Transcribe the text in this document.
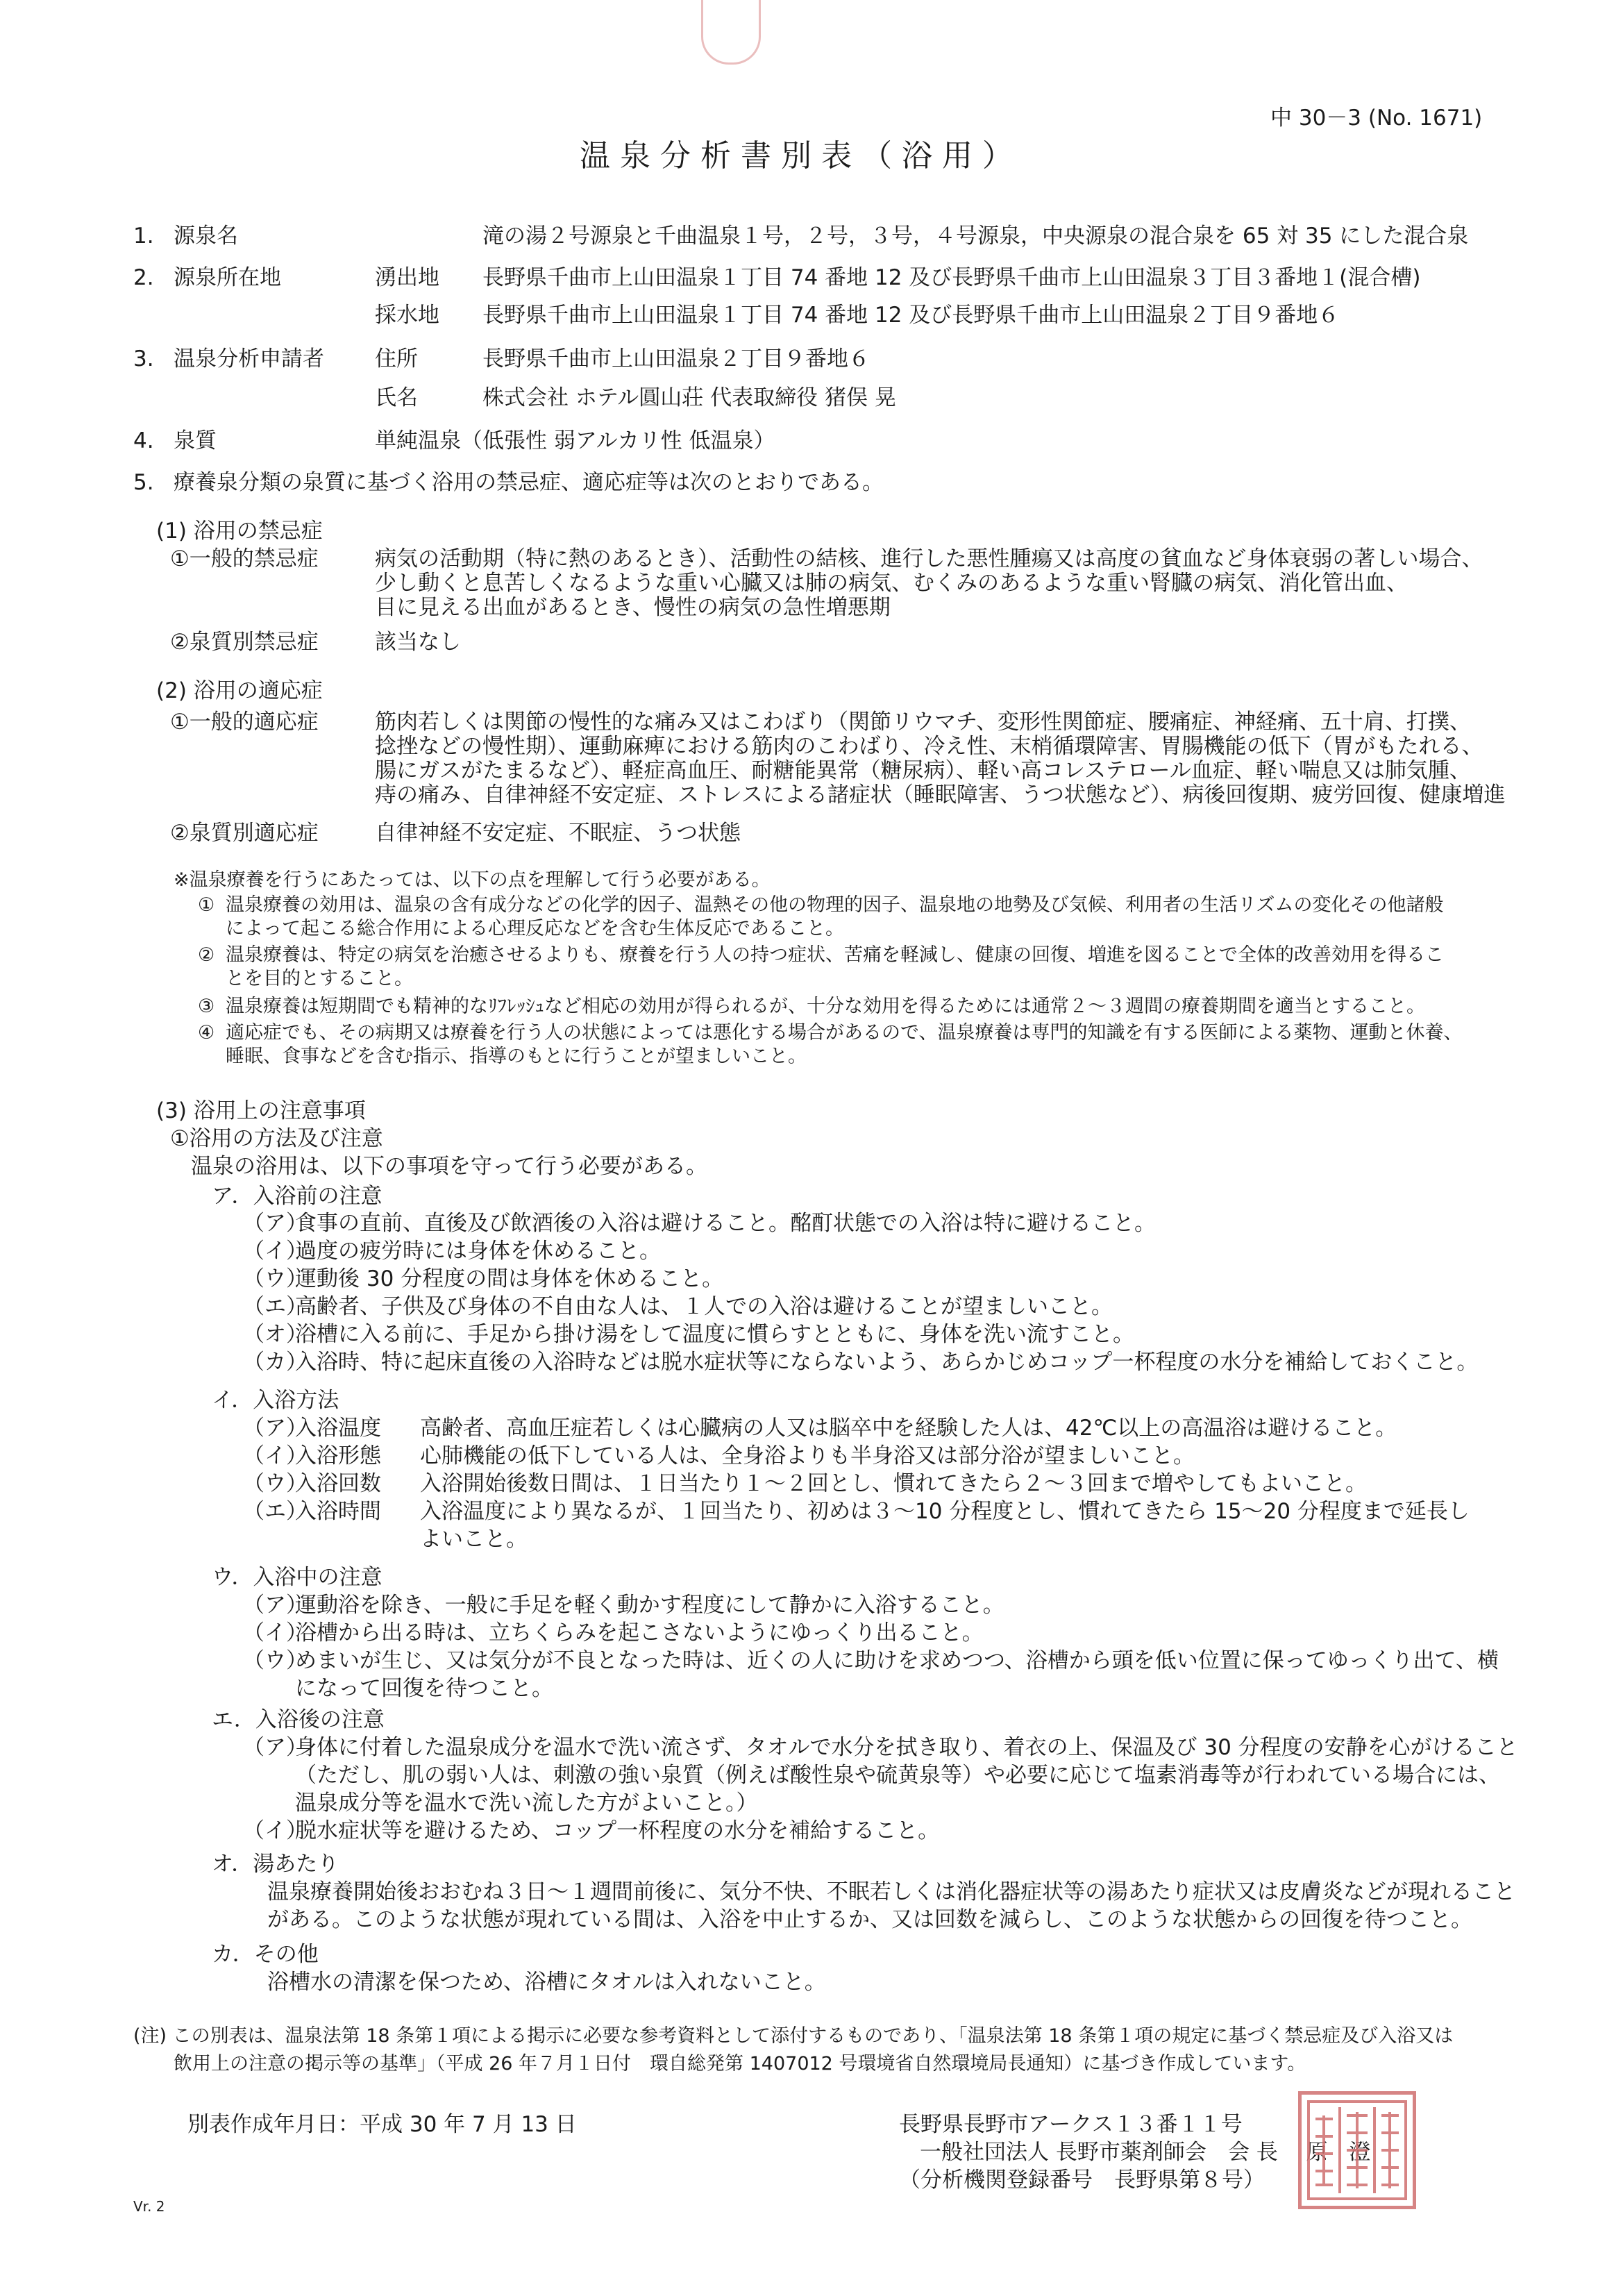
中 30－3 (No. 1671)
温泉分析書別表（浴用）
1. 源泉名	滝の湯２号源泉と千曲温泉１号，２号，３号，４号源泉，中央源泉の混合泉を 65 対 35 にした混合泉
2. 源泉所在地	湧出地 長野県千曲市上山田温泉１丁目 74 番地 12 及び長野県千曲市上山田温泉３丁目３番地１(混合槽)
採水地 長野県千曲市上山田温泉１丁目 74 番地 12 及び長野県千曲市上山田温泉２丁目９番地６
3. 温泉分析申請者 住所	長野県千曲市上山田温泉２丁目９番地６
氏名	株式会社 ホテル圓山荘 代表取締役 猪俣 晃
4. 泉質	単純温泉（低張性 弱アルカリ性 低温泉）
5. 療養泉分類の泉質に基づく浴用の禁忌症、適応症等は次のとおりである。
(1) 浴用の禁忌症
①一般的禁忌症	病気の活動期（特に熱のあるとき）、活動性の結核、進行した悪性腫瘍又は高度の貧血など身体衰弱の著しい場合、
少し動くと息苦しくなるような重い心臓又は肺の病気、むくみのあるような重い腎臓の病気、消化管出血、
目に見える出血があるとき、慢性の病気の急性増悪期
②泉質別禁忌症	該当なし
(2) 浴用の適応症
①一般的適応症	筋肉若しくは関節の慢性的な痛み又はこわばり（関節リウマチ、変形性関節症、腰痛症、神経痛、五十肩、打撲、
捻挫などの慢性期）、運動麻痺における筋肉のこわばり、冷え性、末梢循環障害、胃腸機能の低下（胃がもたれる、
腸にガスがたまるなど）、軽症高血圧、耐糖能異常（糖尿病）、軽い高コレステロール血症、軽い喘息又は肺気腫、
痔の痛み、自律神経不安定症、ストレスによる諸症状（睡眠障害、うつ状態など）、病後回復期、疲労回復、健康増進
②泉質別適応症	自律神経不安定症、不眠症、うつ状態
※温泉療養を行うにあたっては、以下の点を理解して行う必要がある。
① 温泉療養の効用は、温泉の含有成分などの化学的因子、温熱その他の物理的因子、温泉地の地勢及び気候、利用者の生活リズムの変化その他諸般
によって起こる総合作用による心理反応などを含む生体反応であること。
② 温泉療養は、特定の病気を治癒させるよりも、療養を行う人の持つ症状、苦痛を軽減し、健康の回復、増進を図ることで全体的改善効用を得るこ
とを目的とすること。
③ 温泉療養は短期間でも精神的なﾘﾌﾚｯｼｭなど相応の効用が得られるが、十分な効用を得るためには通常２～３週間の療養期間を適当とすること。
④ 適応症でも、その病期又は療養を行う人の状態によっては悪化する場合があるので、温泉療養は専門的知識を有する医師による薬物、運動と休養、
睡眠、食事などを含む指示、指導のもとに行うことが望ましいこと。
(3) 浴用上の注意事項
①浴用の方法及び注意
温泉の浴用は、以下の事項を守って行う必要がある。
ア．入浴前の注意
（ア）
食事の直前、直後及び飲酒後の入浴は避けること。酩酊状態での入浴は特に避けること。
（イ）
過度の疲労時には身体を休めること。
（ウ）
運動後 30 分程度の間は身体を休めること。
（エ）
高齢者、子供及び身体の不自由な人は、１人での入浴は避けることが望ましいこと。
（オ）
浴槽に入る前に、手足から掛け湯をして温度に慣らすとともに、身体を洗い流すこと。
（カ）
入浴時、特に起床直後の入浴時などは脱水症状等にならないよう、あらかじめコップ一杯程度の水分を補給しておくこと。
イ．入浴方法
（ア）
入浴温度 高齢者、高血圧症若しくは心臓病の人又は脳卒中を経験した人は、42℃以上の高温浴は避けること。
（イ）
入浴形態 心肺機能の低下している人は、全身浴よりも半身浴又は部分浴が望ましいこと。
（ウ）
入浴回数 入浴開始後数日間は、１日当たり１～２回とし、慣れてきたら２～３回まで増やしてもよいこと。
（エ）
入浴時間 入浴温度により異なるが、１回当たり、初めは３～10 分程度とし、慣れてきたら 15～20 分程度まで延長し
よいこと。
ウ．入浴中の注意
（ア）
運動浴を除き、一般に手足を軽く動かす程度にして静かに入浴すること。
（イ）
浴槽から出る時は、立ちくらみを起こさないようにゆっくり出ること。
（ウ）
めまいが生じ、又は気分が不良となった時は、近くの人に助けを求めつつ、浴槽から頭を低い位置に保ってゆっくり出て、横
になって回復を待つこと。
エ．入浴後の注意
（ア）
身体に付着した温泉成分を温水で洗い流さず、タオルで水分を拭き取り、着衣の上、保温及び 30 分程度の安静を心がけること
（ただし、肌の弱い人は、刺激の強い泉質（例えば酸性泉や硫黄泉等）や必要に応じて塩素消毒等が行われている場合には、
温泉成分等を温水で洗い流した方がよいこと。）
（イ）
脱水症状等を避けるため、コップ一杯程度の水分を補給すること。
オ．湯あたり
温泉療養開始後おおむね３日～１週間前後に、気分不快、不眠若しくは消化器症状等の湯あたり症状又は皮膚炎などが現れること
がある。このような状態が現れている間は、入浴を中止するか、又は回数を減らし、このような状態からの回復を待つこと。
カ．その他
浴槽水の清潔を保つため、浴槽にタオルは入れないこと。
(注) この別表は、温泉法第 18 条第１項による掲示に必要な参考資料として添付するものであり、「温泉法第 18 条第１項の規定に基づく禁忌症及び入浴又は
飲用上の注意の掲示等の基準」（平成 26 年７月１日付　環自総発第 1407012 号環境省自然環境局長通知）に基づき作成しています。
別表作成年月日：平成 30 年 7 月 13 日	長野県長野市アークス１３番１１号
一般社団法人 長野市薬剤師会　会 長　 原　澄
（分析機関登録番号　長野県第８号）
Vr. 2
